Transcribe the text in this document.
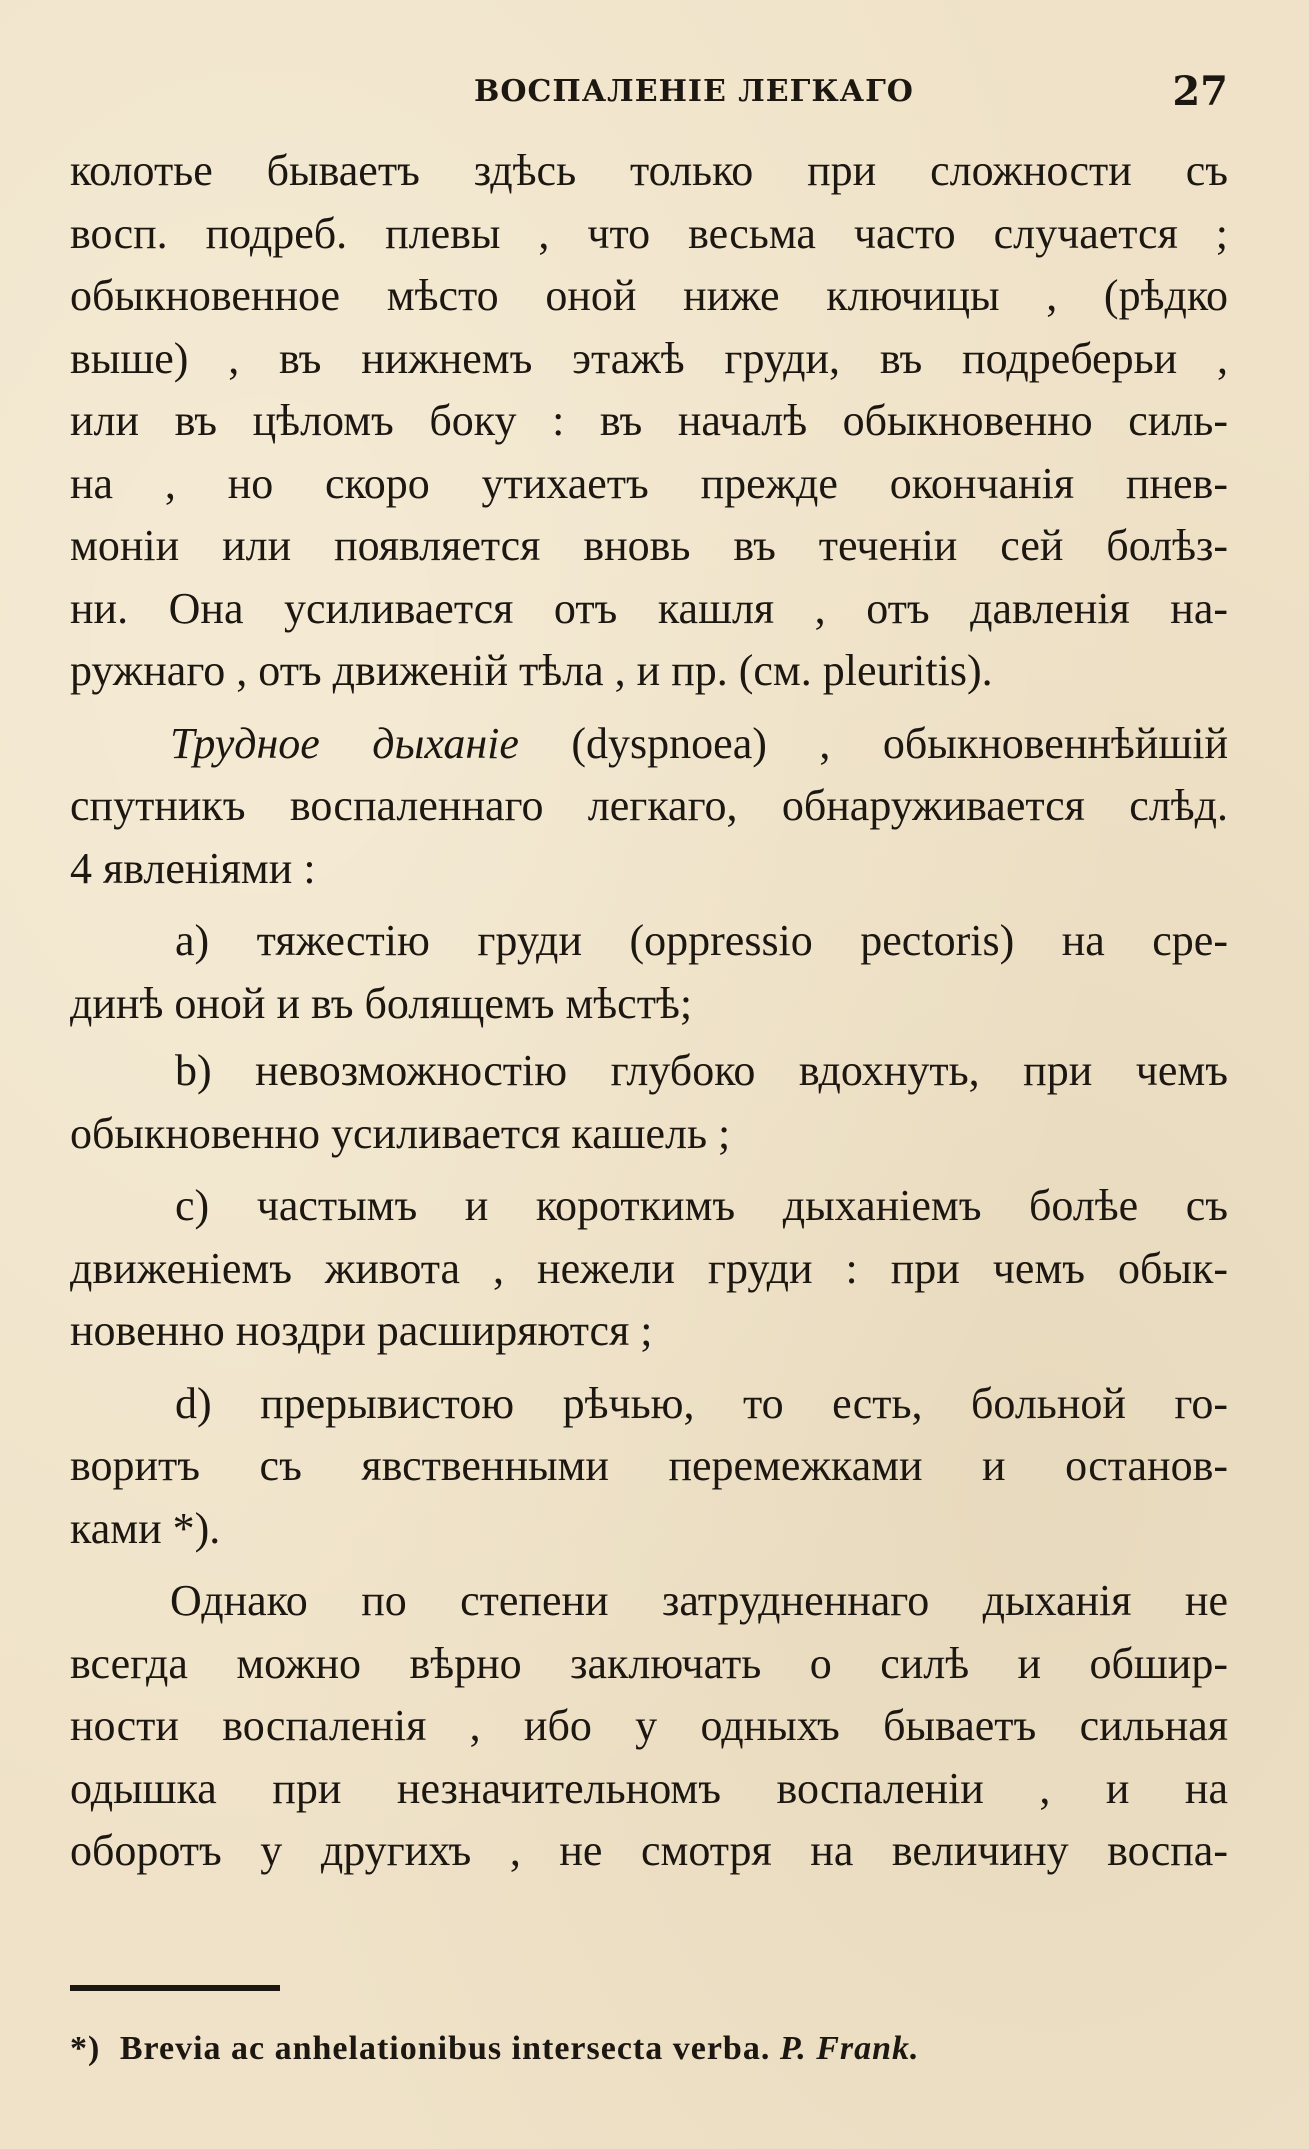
ВОСПАЛЕНІЕ ЛЕГКАГО	27
колотье бываетъ здѣсь только при сложности съ
восп. подреб. плевы , что весьма часто случается ;
обыкновенное мѣсто оной ниже ключицы , (рѣдко
выше) , въ нижнемъ этажѣ груди, въ подреберьи ,
или въ цѣломъ боку : въ началѣ обыкновенно силь-
на , но скоро утихаетъ прежде окончанія пнев-
моніи или появляется вновь въ теченіи сей болѣз-
ни. Она усиливается отъ кашля , отъ давленія на-
ружнаго , отъ движеній тѣла , и пр. (см. pleuritis).
Трудное дыханіе (dyspnoea) , обыкновеннѣйшій
спутникъ воспаленнаго легкаго, обнаруживается слѣд.
4 явленіями :
a) тяжестію груди (oppressio pectoris) на сре-
динѣ оной и въ болящемъ мѣстѣ;
b) невозможностію глубоко вдохнуть, при чемъ
обыкновенно усиливается кашель ;
c) частымъ и короткимъ дыханіемъ болѣе съ
движеніемъ живота , нежели груди : при чемъ обык-
новенно ноздри расширяются ;
d) прерывистою рѣчью, то есть, больной го-
воритъ съ явственными перемежками и останов-
ками *).
Однако по степени затрудненнаго дыханія не
всегда можно вѣрно заключать о силѣ и обшир-
ности воспаленія , ибо у одныхъ бываетъ сильная
одышка при незначительномъ воспаленіи , и на
оборотъ у другихъ , не смотря на величину воспа-
*) Brevia ac anhelationibus intersecta verba. P. Frank.
